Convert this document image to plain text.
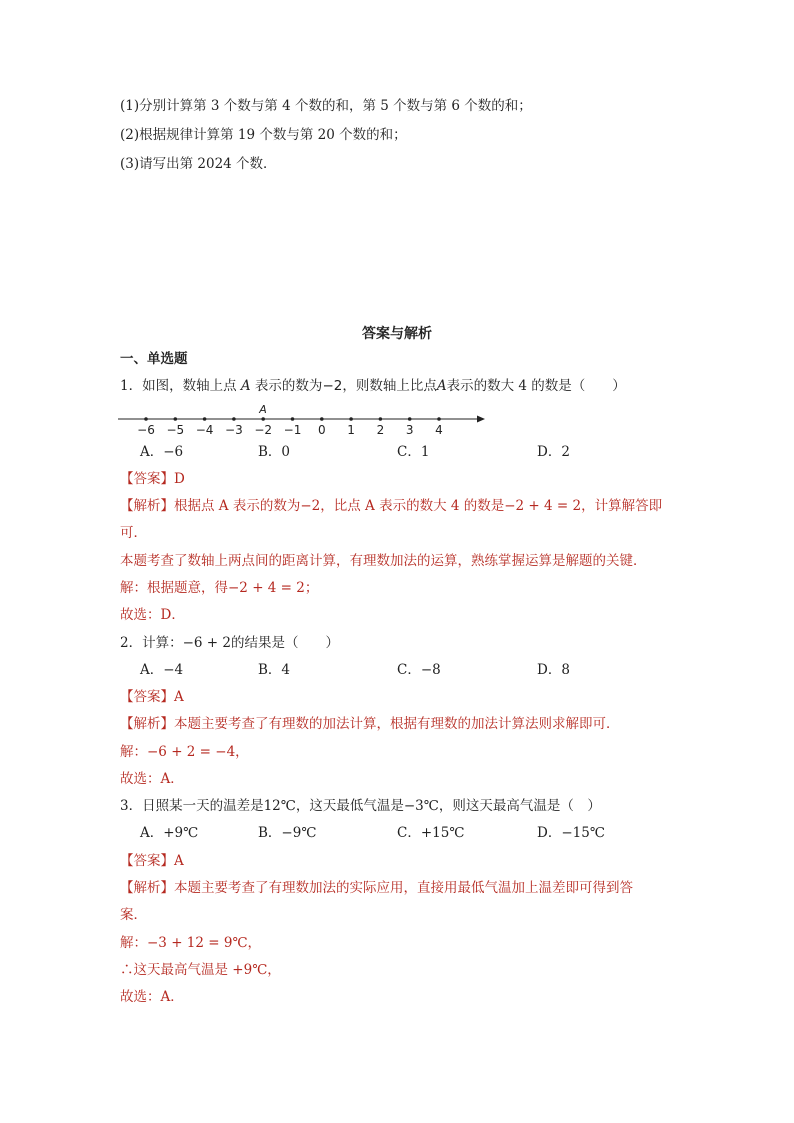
(1)分别计算第 3 个数与第 4 个数的和，第 5 个数与第 6 个数的和；
(2)根据规律计算第 19 个数与第 20 个数的和；
(3)请写出第 2024 个数．
答案与解析
一、单选题
1．如图，数轴上点 A 表示的数为−2，则数轴上比点A表示的数大 4 的数是（　　）
A
−6 −5 −4 −3 −2 −1 0 1 2 3 4
A．−6	B．0	C．1	D．2
【答案】D
【解析】根据点 A 表示的数为−2，比点 A 表示的数大 4 的数是−2 + 4 = 2，计算解答即
可．
本题考查了数轴上两点间的距离计算，有理数加法的运算，熟练掌握运算是解题的关键．
解：根据题意，得−2 + 4 = 2；
故选：D．
2．计算：−6 + 2的结果是（　　）
A．−4	B．4	C．−8	D．8
【答案】A
【解析】本题主要考查了有理数的加法计算，根据有理数的加法计算法则求解即可．
解：−6 + 2 = −4，
故选：A．
3．日照某一天的温差是12℃，这天最低气温是−3℃，则这天最高气温是（　）
A．+9℃	B．−9℃	C．+15℃	D．−15℃
【答案】A
【解析】本题主要考查了有理数加法的实际应用，直接用最低气温加上温差即可得到答
案．
解：−3 + 12 = 9℃，
∴这天最高气温是 +9℃，
故选：A．
